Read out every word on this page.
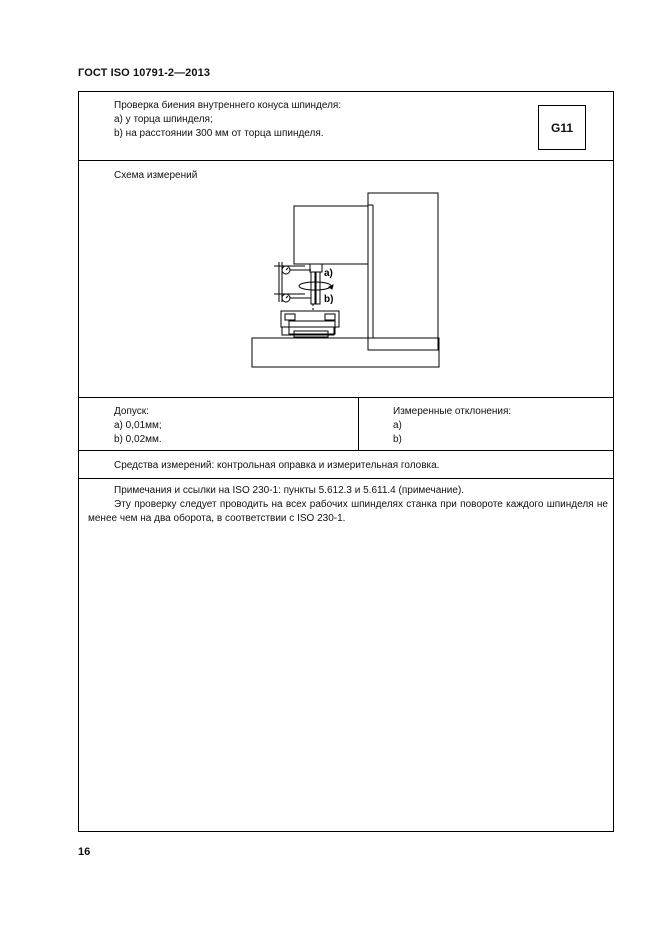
ГОСТ ISO 10791-2—2013
Проверка биения внутреннего конуса шпинделя:
a) у торца шпинделя;
b) на расстоянии 300 мм от торца шпинделя.	G11
Схема измерений
a)
b)
Допуск:
a) 0,01мм;
b) 0,02мм.
Измеренные отклонения:
a)
b)
Средства измерений: контрольная оправка и измерительная головка.

Примечания и ссылки на ISO 230-1: пункты 5.612.3 и 5.611.4 (примечание).

Эту проверку следует проводить на всех рабочих шпинделях станка при повороте каждого шпинделя не менее чем на два оборота, в соответствии с ISO 230-1.

16
